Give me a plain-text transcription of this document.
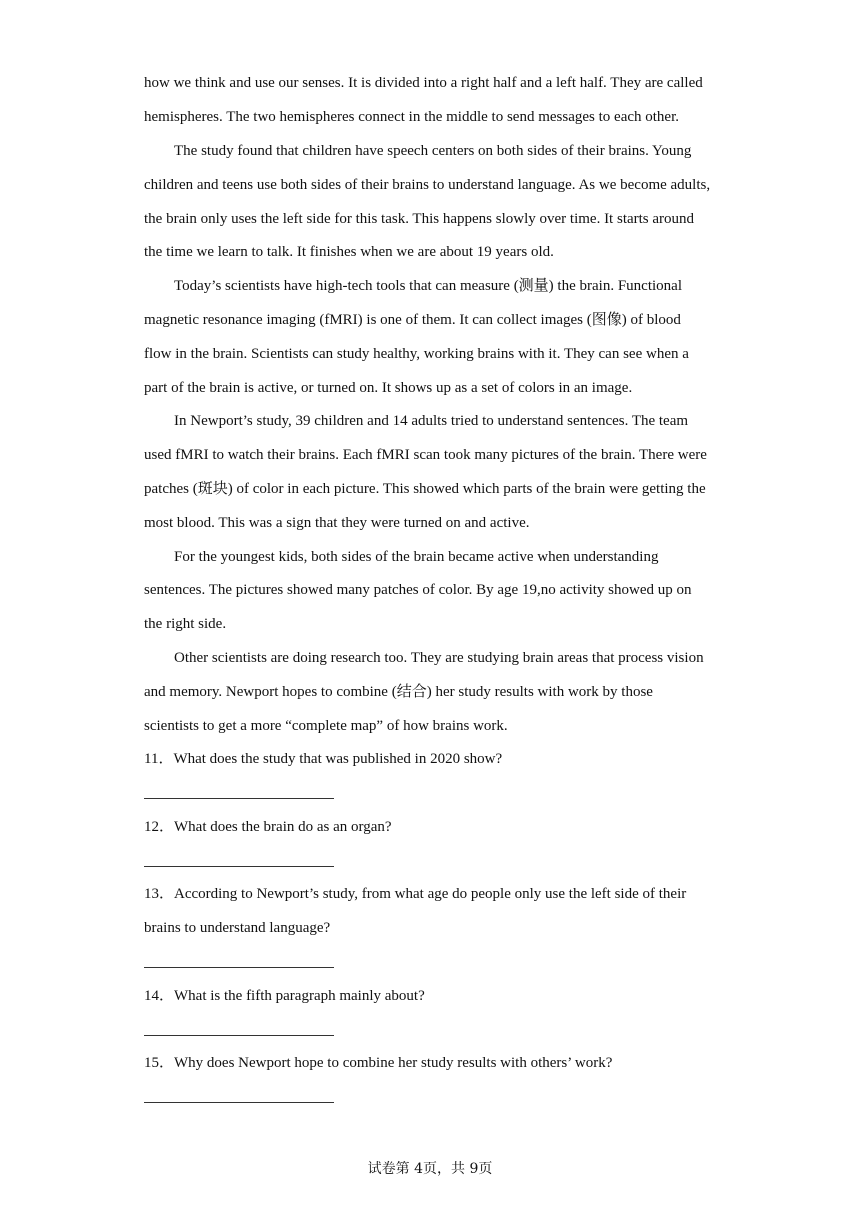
how we think and use our senses. It is divided into a right half and a left half. They are called
hemispheres. The two hemispheres connect in the middle to send messages to each other.
The study found that children have speech centers on both sides of their brains. Young
children and teens use both sides of their brains to understand language. As we become adults,
the brain only uses the left side for this task. This happens slowly over time. It starts around
the time we learn to talk. It finishes when we are about 19 years old.
Today’s scientists have high-tech tools that can measure (测量) the brain. Functional
magnetic resonance imaging (fMRI) is one of them. It can collect images (图像) of blood
flow in the brain. Scientists can study healthy, working brains with it. They can see when a
part of the brain is active, or turned on. It shows up as a set of colors in an image.
In Newport’s study, 39 children and 14 adults tried to understand sentences. The team
used fMRI to watch their brains. Each fMRI scan took many pictures of the brain. There were
patches (斑块) of color in each picture. This showed which parts of the brain were getting the
most blood. This was a sign that they were turned on and active.
For the youngest kids, both sides of the brain became active when understanding
sentences. The pictures showed many patches of color. By age 19,no activity showed up on
the right side.
Other scientists are doing research too. They are studying brain areas that process vision
and memory. Newport hopes to combine (结合) her study results with work by those
scientists to get a more “complete map” of how brains work.
11．What does the study that was published in 2020 show?
12．What does the brain do as an organ?
13．According to Newport’s study, from what age do people only use the left side of their
brains to understand language?
14．What is the fifth paragraph mainly about?
15．Why does Newport hope to combine her study results with others’ work?
试卷第 4页，共 9页
